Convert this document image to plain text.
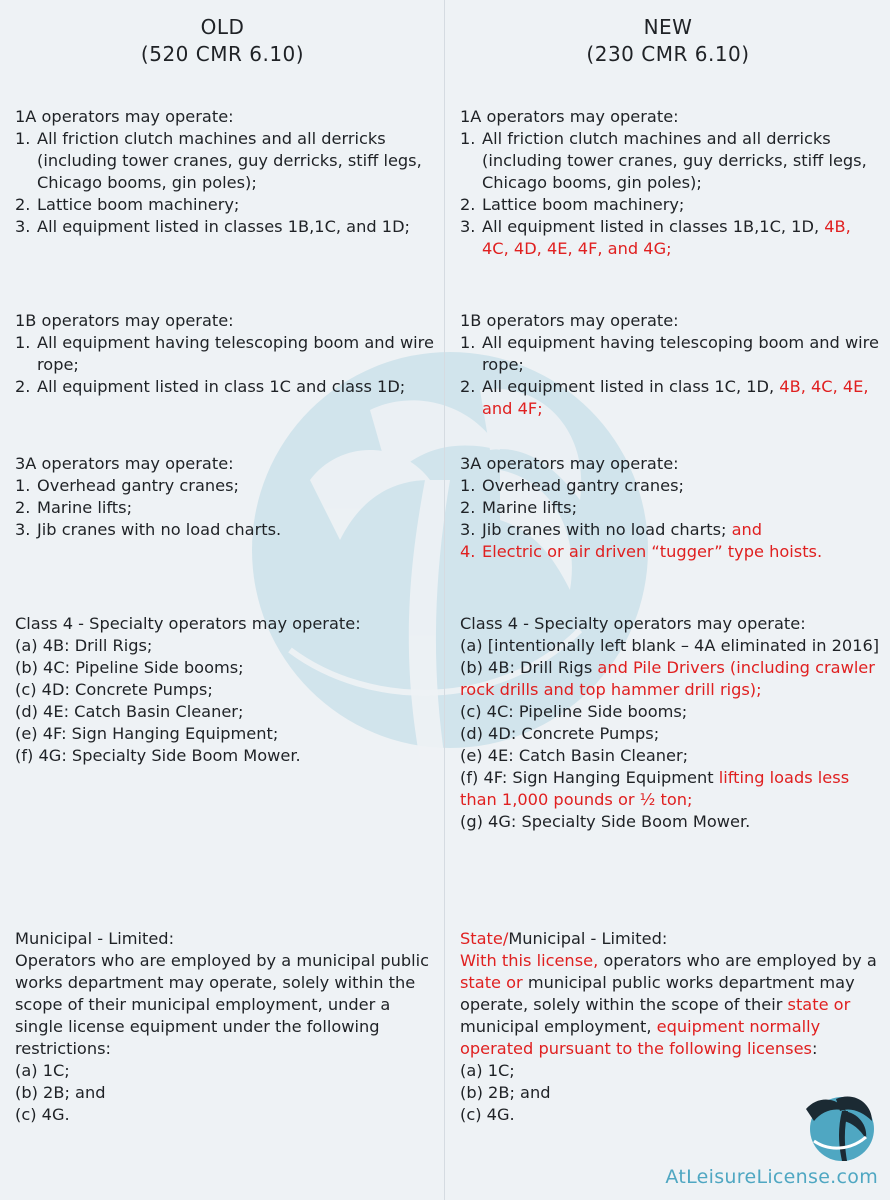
OLD
(520 CMR 6.10)
1A operators may operate:
1. All friction clutch machines and all derricks (including tower cranes, guy derricks, stiff legs, Chicago booms, gin poles);
2. Lattice boom machinery;
3. All equipment listed in classes 1B,1C, and 1D;
1B operators may operate:
1. All equipment having telescoping boom and wire rope;
2. All equipment listed in class 1C and class 1D;
3A operators may operate:
1. Overhead gantry cranes;
2. Marine lifts;
3. Jib cranes with no load charts.
Class 4 - Specialty operators may operate:
(a) 4B: Drill Rigs;
(b) 4C: Pipeline Side booms;
(c) 4D: Concrete Pumps;
(d) 4E: Catch Basin Cleaner;
(e) 4F: Sign Hanging Equipment;
(f) 4G: Specialty Side Boom Mower.
Municipal - Limited:
Operators who are employed by a municipal public works department may operate, solely within the scope of their municipal employment, under a single license equipment under the following restrictions:
(a) 1C;
(b) 2B; and
(c) 4G.
NEW
(230 CMR 6.10)
1A operators may operate:
1. All friction clutch machines and all derricks (including tower cranes, guy derricks, stiff legs, Chicago booms, gin poles);
2. Lattice boom machinery;
3. All equipment listed in classes 1B,1C, 1D, 4B, 4C, 4D, 4E, 4F, and 4G;
1B operators may operate:
1. All equipment having telescoping boom and wire rope;
2. All equipment listed in class 1C, 1D, 4B, 4C, 4E, and 4F;
3A operators may operate:
1. Overhead gantry cranes;
2. Marine lifts;
3. Jib cranes with no load charts; and
4. Electric or air driven “tugger” type hoists.
Class 4 - Specialty operators may operate:
(a) [intentionally left blank – 4A eliminated in 2016]
(b) 4B: Drill Rigs and Pile Drivers (including crawler rock drills and top hammer drill rigs);
(c) 4C: Pipeline Side booms;
(d) 4D: Concrete Pumps;
(e) 4E: Catch Basin Cleaner;
(f) 4F: Sign Hanging Equipment lifting loads less than 1,000 pounds or ½ ton;
(g) 4G: Specialty Side Boom Mower.
State/Municipal - Limited:
With this license, operators who are employed by a state or municipal public works department may operate, solely within the scope of their state or municipal employment, equipment normally operated pursuant to the following licenses:
(a) 1C;
(b) 2B; and
(c) 4G.
AtLeisureLicense.com
